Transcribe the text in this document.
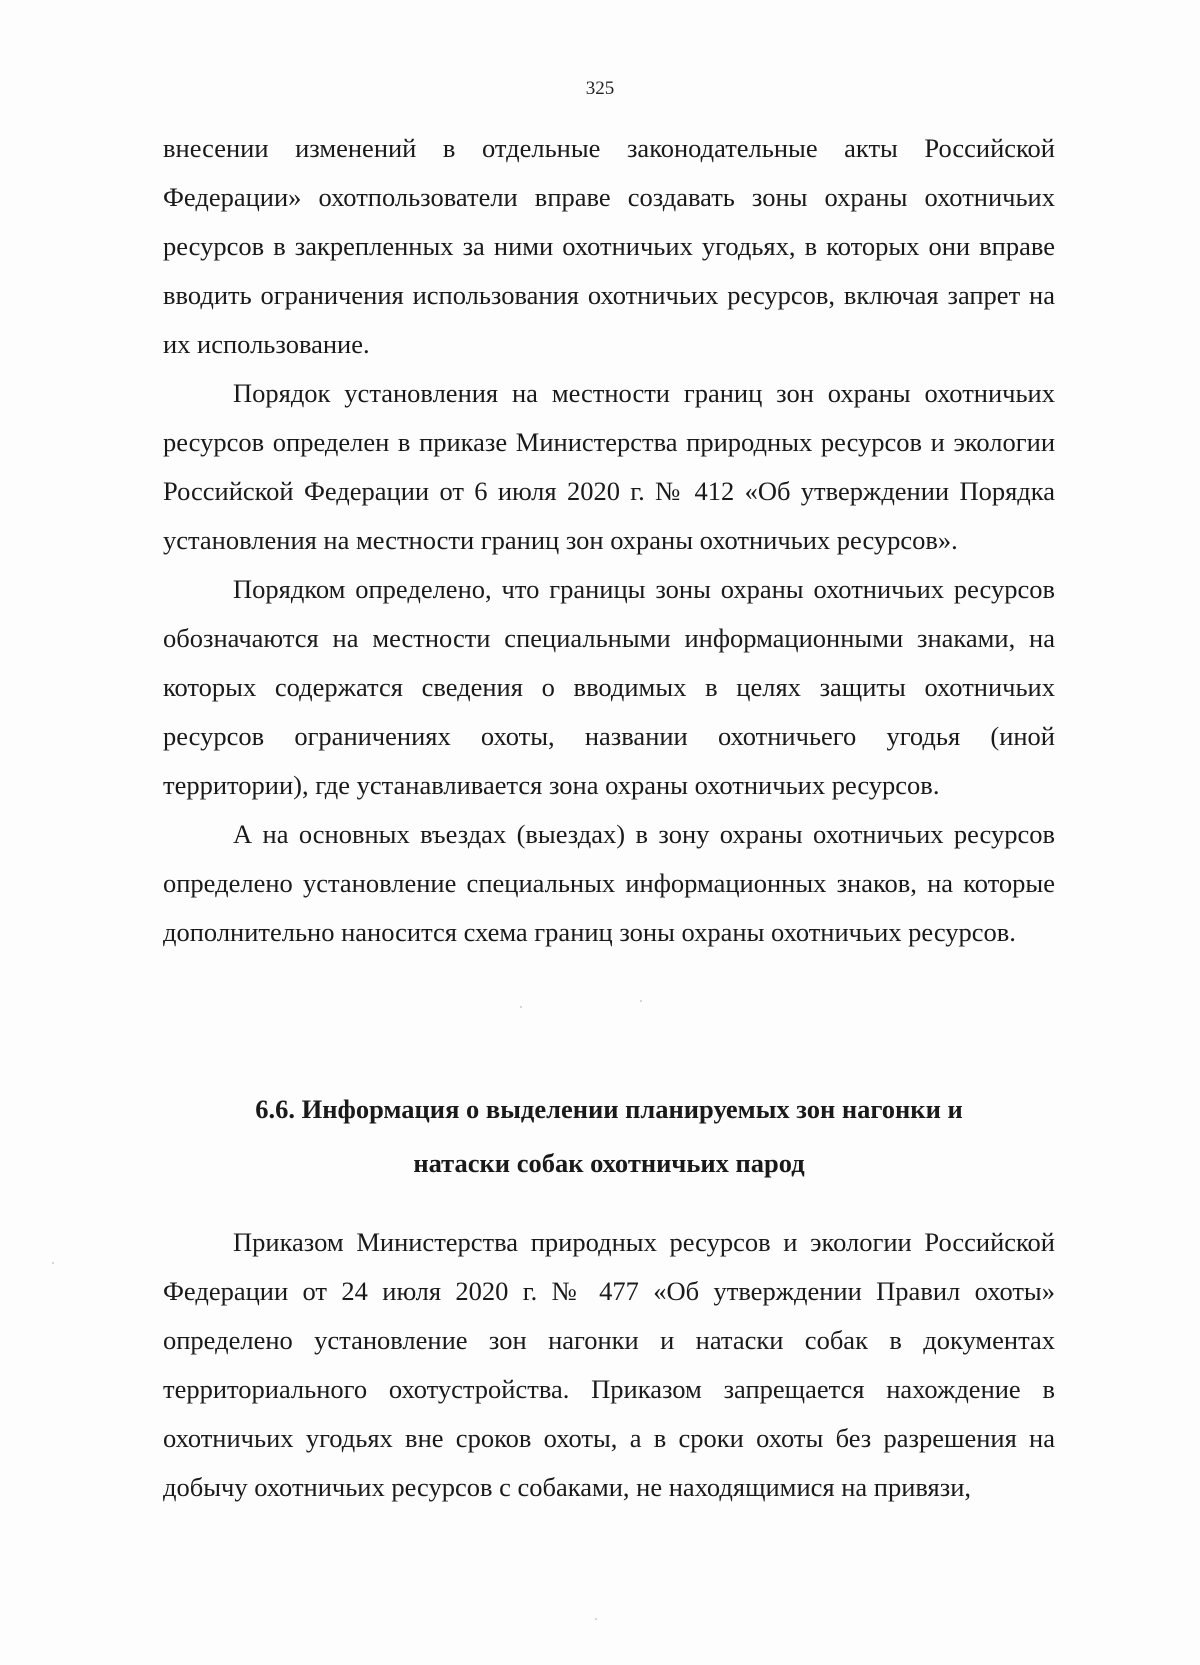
325

внесении изменений в отдельные законодательные акты Российской Федерации» охотпользователи вправе создавать зоны охраны охотничьих ресурсов в закрепленных за ними охотничьих угодьях, в которых они вправе вводить ограничения использования охотничьих ресурсов, включая запрет на их использование.

Порядок установления на местности границ зон охраны охотничьих ресурсов определен в приказе Министерства природных ресурсов и экологии Российской Федерации от 6 июля 2020 г. № 412 «Об утверждении Порядка установления на местности границ зон охраны охотничьих ресурсов».

Порядком определено, что границы зоны охраны охотничьих ресурсов обозначаются на местности специальными информационными знаками, на которых содержатся сведения о вводимых в целях защиты охотничьих ресурсов ограничениях охоты, названии охотничьего угодья (иной территории), где устанавливается зона охраны охотничьих ресурсов.

А на основных въездах (выездах) в зону охраны охотничьих ресурсов определено установление специальных информационных знаков, на которые дополнительно наносится схема границ зоны охраны охотничьих ресурсов.

6.6. Информация о выделении планируемых зон нагонки и
натаски собак охотничьих парод

Приказом Министерства природных ресурсов и экологии Российской Федерации от 24 июля 2020 г. № 477 «Об утверждении Правил охоты» определено установление зон нагонки и натаски собак в документах территориального охотустройства. Приказом запрещается нахождение в охотничьих угодьях вне сроков охоты, а в сроки охоты без разрешения на добычу охотничьих ресурсов с собаками, не находящимися на привязи,
